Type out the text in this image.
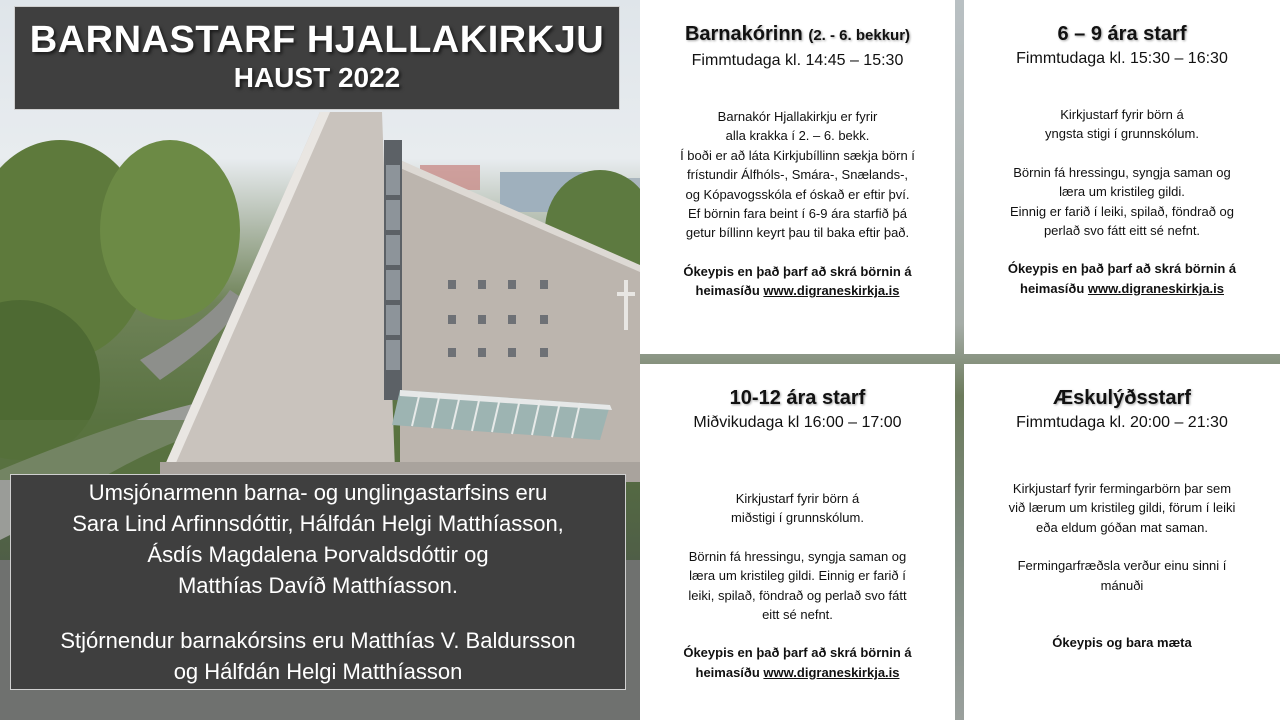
BARNASTARF HJALLAKIRKJU
HAUST 2022
Umsjónarmenn barna- og unglingastarfsins eru
Sara Lind Arfinnsdóttir, Hálfdán Helgi Matthíasson,
Ásdís Magdalena Þorvaldsdóttir og
Matthías Davíð Matthíasson.
Stjórnendur barnakórsins eru Matthías V. Baldursson
og Hálfdán Helgi Matthíasson
Barnakórinn (2. - 6. bekkur)
Fimmtudaga kl. 14:45 – 15:30

Barnakór Hjallakirkju er fyrir

alla krakka í 2. – 6. bekk.

Í boði er að láta Kirkjubíllinn sækja börn í

frístundir Álfhóls-, Smára-, Snælands-,

og Kópavogsskóla ef óskað er eftir því.

Ef börnin fara beint í 6-9 ára starfið þá

getur bíllinn keyrt þau til baka eftir það.

Ókeypis en það þarf að skrá börnin á

heimasíðu www.digraneskirkja.is

6 – 9 ára starf
Fimmtudaga kl. 15:30 – 16:30

Kirkjustarf fyrir börn á

yngsta stigi í grunnskólum.

Börnin fá hressingu, syngja saman og

læra um kristileg gildi.

Einnig er farið í leiki, spilað, föndrað og

perlað svo fátt eitt sé nefnt.

Ókeypis en það þarf að skrá börnin á

heimasíðu www.digraneskirkja.is

10-12 ára starf
Miðvikudaga kl 16:00 – 17:00

Kirkjustarf fyrir börn á

miðstigi í grunnskólum.

Börnin fá hressingu, syngja saman og

læra um kristileg gildi. Einnig er farið í

leiki, spilað, föndrað og perlað svo fátt

eitt sé nefnt.

Ókeypis en það þarf að skrá börnin á

heimasíðu www.digraneskirkja.is

Æskulýðsstarf
Fimmtudaga kl. 20:00 – 21:30

Kirkjustarf fyrir fermingarbörn þar sem

við lærum um kristileg gildi, förum í leiki

eða eldum góðan mat saman.

Fermingarfræðsla verður einu sinni í

mánuði

Ókeypis og bara mæta
